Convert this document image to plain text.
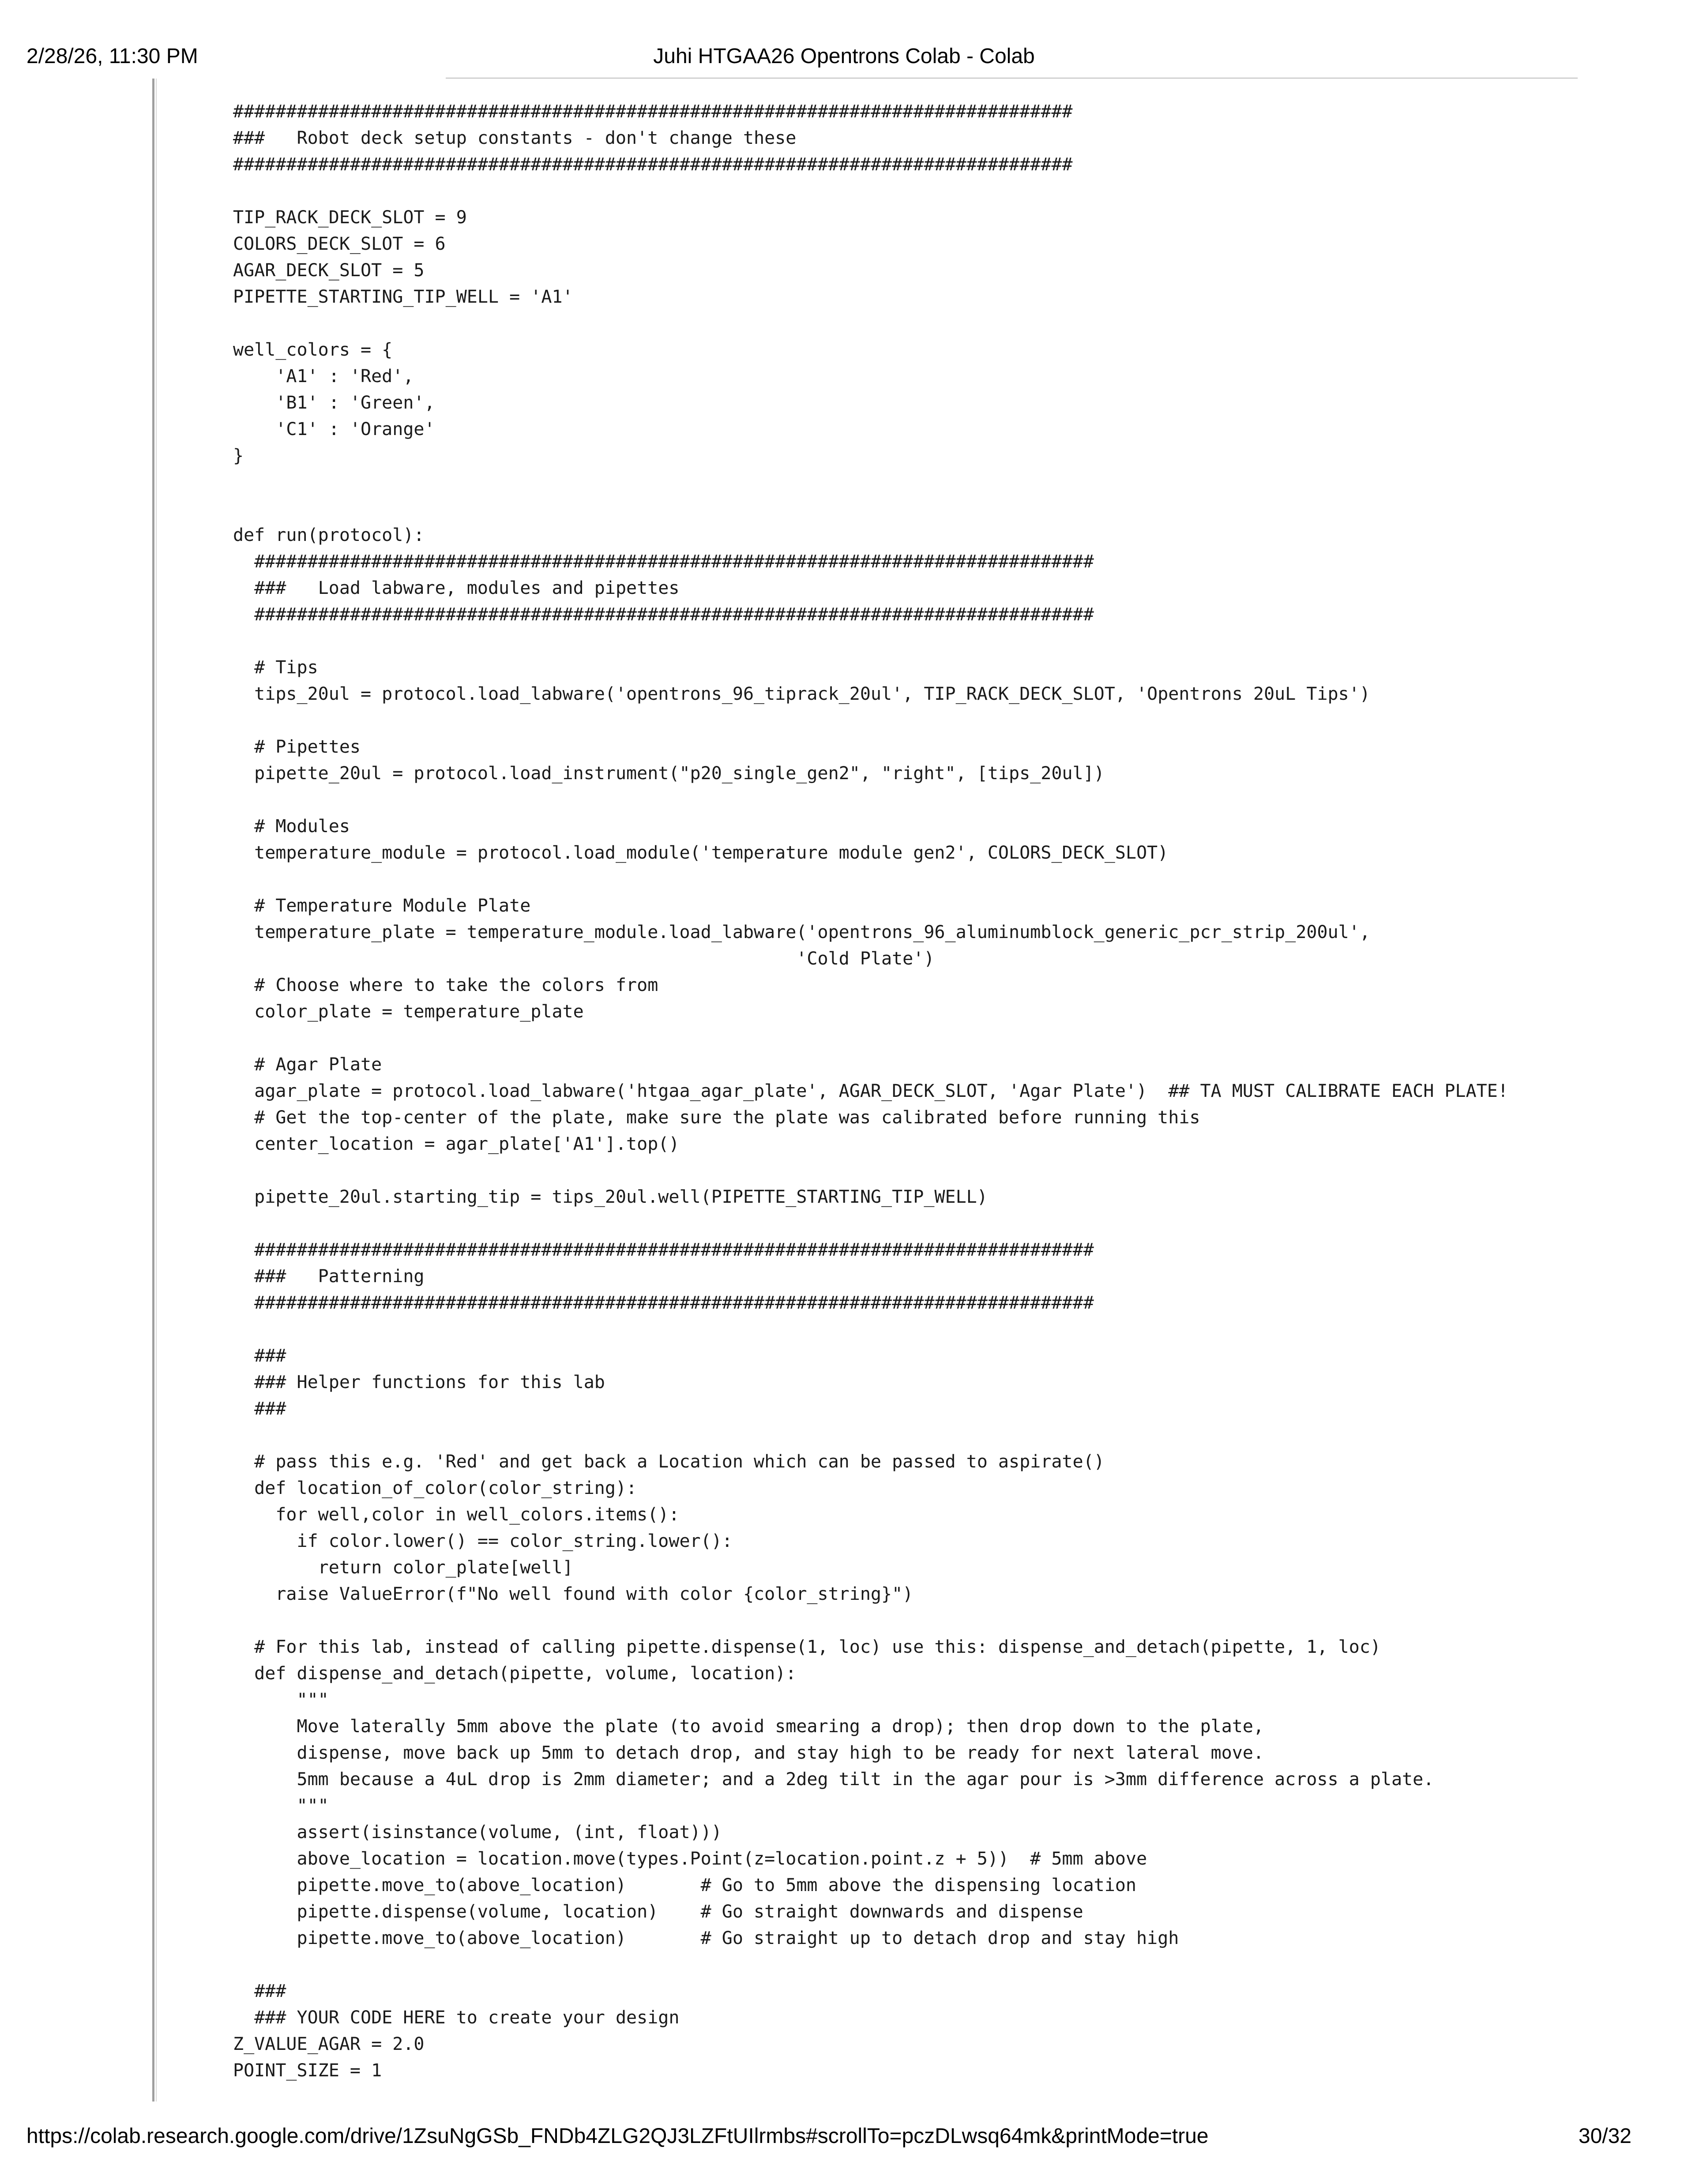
2/28/26, 11:30 PM	Juhi HTGAA26 Opentrons Colab - Colab
###############################################################################
###   Robot deck setup constants - don't change these
###############################################################################
TIP_RACK_DECK_SLOT = 9
COLORS_DECK_SLOT = 6
AGAR_DECK_SLOT = 5
PIPETTE_STARTING_TIP_WELL = 'A1'
well_colors = {
'A1' : 'Red',
'B1' : 'Green',
'C1' : 'Orange'
}
def run(protocol):
###############################################################################
###   Load labware, modules and pipettes
###############################################################################
# Tips
tips_20ul = protocol.load_labware('opentrons_96_tiprack_20ul', TIP_RACK_DECK_SLOT, 'Opentrons 20uL Tips')
# Pipettes
pipette_20ul = protocol.load_instrument("p20_single_gen2", "right", [tips_20ul])
# Modules
temperature_module = protocol.load_module('temperature module gen2', COLORS_DECK_SLOT)
# Temperature Module Plate
temperature_plate = temperature_module.load_labware('opentrons_96_aluminumblock_generic_pcr_strip_200ul',
'Cold Plate')
# Choose where to take the colors from
color_plate = temperature_plate
# Agar Plate
agar_plate = protocol.load_labware('htgaa_agar_plate', AGAR_DECK_SLOT, 'Agar Plate')  ## TA MUST CALIBRATE EACH PLATE!
# Get the top-center of the plate, make sure the plate was calibrated before running this
center_location = agar_plate['A1'].top()
pipette_20ul.starting_tip = tips_20ul.well(PIPETTE_STARTING_TIP_WELL)
###############################################################################
###   Patterning
###############################################################################
###
### Helper functions for this lab
###
# pass this e.g. 'Red' and get back a Location which can be passed to aspirate()
def location_of_color(color_string):
for well,color in well_colors.items():
if color.lower() == color_string.lower():
return color_plate[well]
raise ValueError(f"No well found with color {color_string}")
# For this lab, instead of calling pipette.dispense(1, loc) use this: dispense_and_detach(pipette, 1, loc)
def dispense_and_detach(pipette, volume, location):
"""
Move laterally 5mm above the plate (to avoid smearing a drop); then drop down to the plate,
dispense, move back up 5mm to detach drop, and stay high to be ready for next lateral move.
5mm because a 4uL drop is 2mm diameter; and a 2deg tilt in the agar pour is >3mm difference across a plate.
"""
assert(isinstance(volume, (int, float)))
above_location = location.move(types.Point(z=location.point.z + 5))  # 5mm above
pipette.move_to(above_location)       # Go to 5mm above the dispensing location
pipette.dispense(volume, location)    # Go straight downwards and dispense
pipette.move_to(above_location)       # Go straight up to detach drop and stay high
###
### YOUR CODE HERE to create your design
Z_VALUE_AGAR = 2.0
POINT_SIZE = 1
https://colab.research.google.com/drive/1ZsuNgGSb_FNDb4ZLG2QJ3LZFtUIlrmbs#scrollTo=pczDLwsq64mk&printMode=true	30/32
